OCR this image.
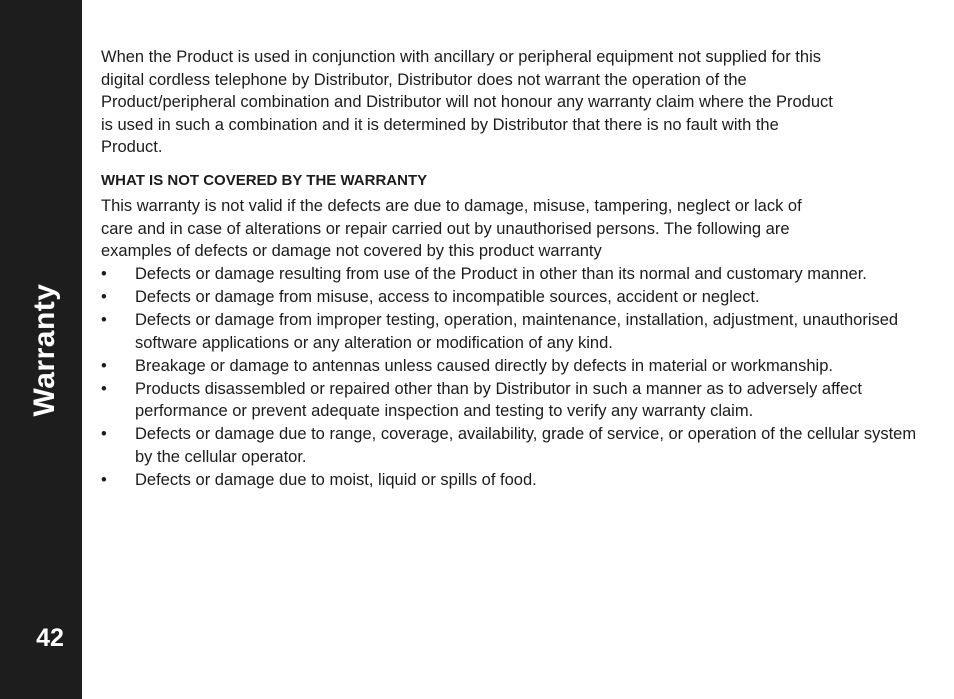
Warranty
42

When the Product is used in conjunction with ancillary or peripheral equipment not supplied for this digital cordless telephone by Distributor, Distributor does not warrant the operation of the Product/peripheral combination and Distributor will not honour any warranty claim where the Product is used in such a combination and it is determined by Distributor that there is no fault with the Product.

WHAT IS NOT COVERED BY THE WARRANTY

This warranty is not valid if the defects are due to damage, misuse, tampering, neglect or lack of care and in case of alterations or repair carried out by unauthorised persons. The following are examples of defects or damage not covered by this product warranty

• Defects or damage resulting from use of the Product in other than its normal and customary manner.
• Defects or damage from misuse, access to incompatible sources, accident or neglect.
• Defects or damage from improper testing, operation, maintenance, installation, adjustment, unauthorised software applications or any alteration or modification of any kind.
• Breakage or damage to antennas unless caused directly by defects in material or workmanship.
• Products disassembled or repaired other than by Distributor in such a manner as to adversely affect performance or prevent adequate inspection and testing to verify any warranty claim.
• Defects or damage due to range, coverage, availability, grade of service, or operation of the cellular system by the cellular operator.
• Defects or damage due to moist, liquid or spills of food.
